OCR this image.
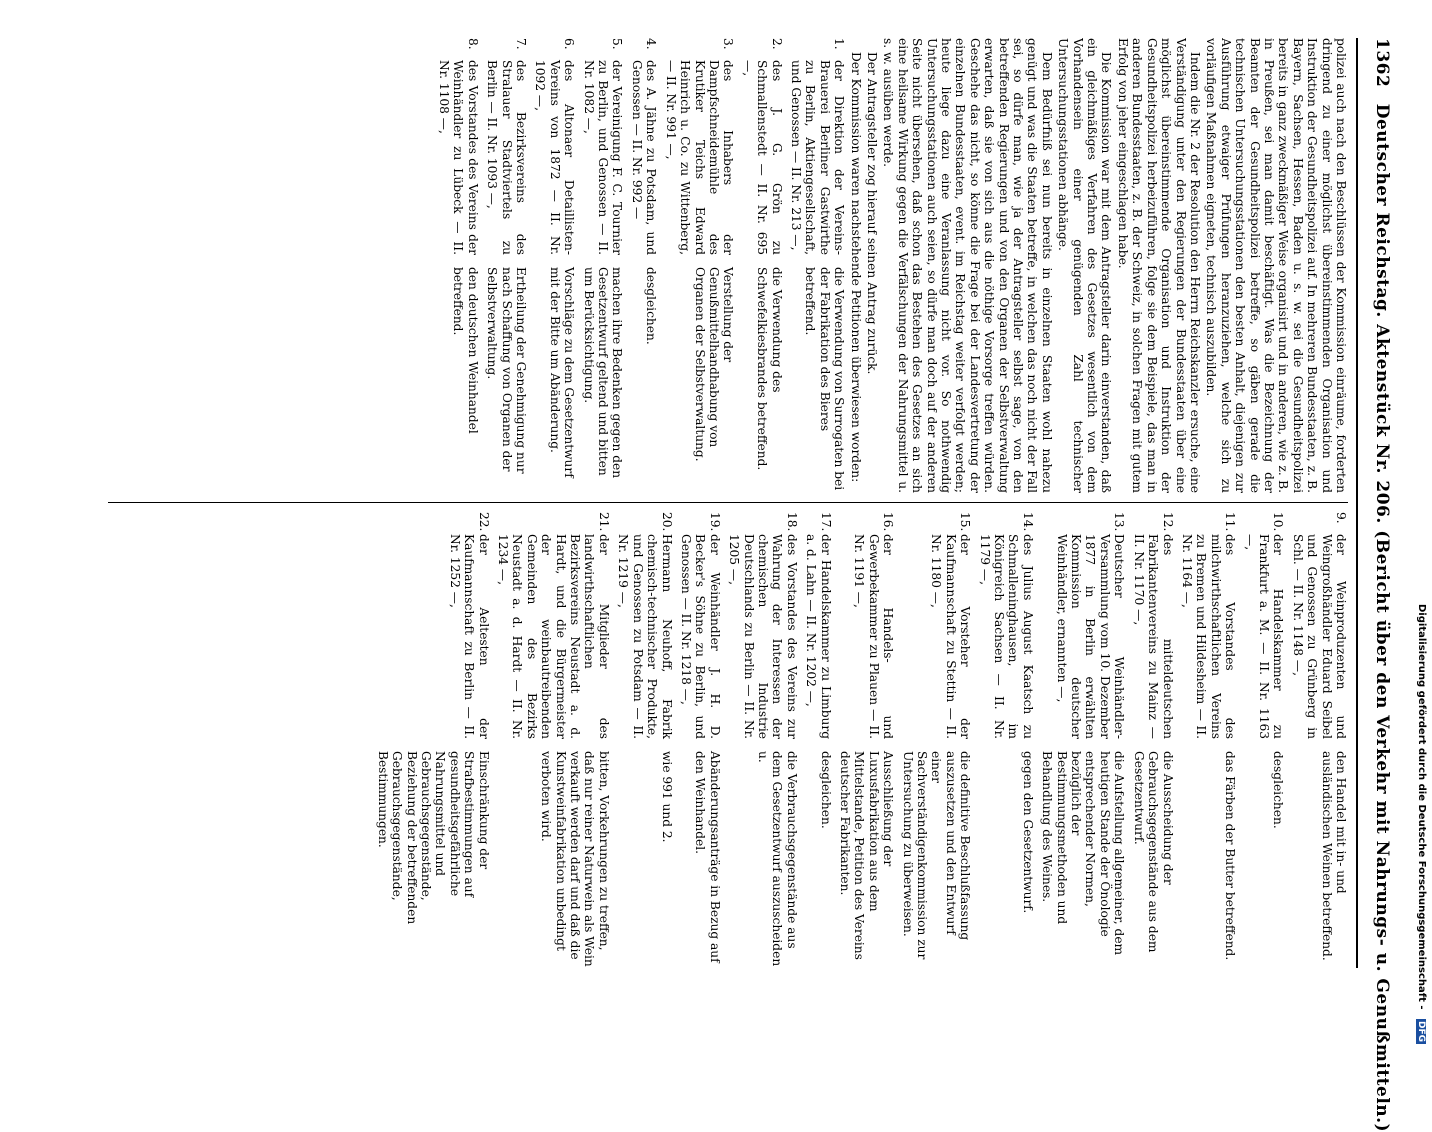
1362 Deutscher Reichstag. Aktenstück Nr. 206. (Bericht über den Verkehr mit Nahrungs- u. Genußmitteln.)

polizei auch nach den Beschlüssen der Kommission einräume, forderten dringend zu einer möglichst übereinstimmenden Organisation und Instruktion der Gesundheitspolizei auf. In mehreren Bundesstaaten, z. B. Bayern, Sachsen, Hessen, Baden u. s. w. sei die Gesundheitspolizei bereits in ganz zweckmäßiger Weise organisirt und in anderen, wie z. B. in Preußen, sei man damit beschäftigt. Was die Bezeichnung der Beamten der Gesundheitspolizei betreffe, so gäben gerade die technischen Untersuchungsstationen den besten Anhalt, diejenigen zur Ausführung etwaiger Prüfungen heranzuziehen, welche sich zu vorläufigen Maßnahmen eigneten, technisch auszubilden.

Indem die Nr. 2 der Resolution den Herrn Reichskanzler ersuche, eine Verständigung unter den Regierungen der Bundesstaaten über eine möglichst übereinstimmende Organisation und Instruktion der Gesundheitspolizei herbeizuführen, folge sie dem Beispiele, das man in anderen Bundesstaaten, z. B. der Schweiz, in solchen Fragen mit gutem Erfolg von jeher eingeschlagen habe.

Die Kommission war mit dem Antragsteller darin einverstanden, daß ein gleichmäßiges Verfahren des Gesetzes wesentlich von dem Vorhandensein einer genügenden Zahl technischer Untersuchungsstationen abhänge.

Dem Bedürfniß sei nun bereits in einzelnen Staaten wohl nahezu genügt und was die Staaten betreffe, in welchen das noch nicht der Fall sei, so dürfe man, wie ja der Antragsteller selbst sage, von den betreffenden Regierungen und von den Organen der Selbstverwaltung erwarten, daß sie von sich aus die nöthige Vorsorge treffen würden. Geschehe das nicht, so könne die Frage bei der Landesvertretung der einzelnen Bundesstaaten, event. im Reichstag weiter verfolgt werden; heute liege dazu eine Veranlassung nicht vor. So nothwendig Untersuchungsstationen auch seien, so dürfe man doch auf der anderen Seite nicht übersehen, daß schon das Bestehen des Gesetzes an sich eine heilsame Wirkung gegen die Verfälschungen der Nahrungsmittel u. s. w. ausüben werde.

Der Antragsteller zog hierauf seinen Antrag zurück.

Der Kommission waren nachstehende Petitionen überwiesen worden:

1.
der Direktion der Vereins-Brauerei Berliner Gastwirthe zu Berlin, Aktiengesellschaft, und Genossen — II. Nr. 213 —,
die Verwendung von Surrogaten bei der Fabrikation des Bieres betreffend.
2.
des J. G. Grön zu Schmallenstedt — II. Nr. 695 —,
die Verwendung des Schwefelkiesbrandes betreffend.
3.
des Inhabers der Dampfschneidemühle des Krutiker Teichs Edward Heinrich u. Co. zu Wittenberg, — II. Nr. 991 —,
Verstellung der Genußmittelhandhabung von Organen der Selbstverwaltung.
4.
des A. Jähne zu Potsdam, und Genossen — II. Nr. 992 —
desgleichen.
5.
der Vereinigung F. C. Tournier zu Berlin, und Genossen — II. Nr. 1082 —,
machen ihre Bedenken gegen den Gesetzentwurf geltend und bitten um Berücksichtigung.
6.
des Altonaer Detaillisten-Vereins von 1872 — II. Nr. 1092 —,
Vorschläge zu dem Gesetzentwurf mit der Bitte um Abänderung.
7.
des Bezirksvereins des Stralauer Stadtviertels zu Berlin — II. Nr. 1093 —,
Ertheilung der Genehmigung nur nach Schaffung von Organen der Selbstverwaltung.
8.
des Vorstandes des Vereins der Weinhändler zu Lübeck — II. Nr. 1108 —,
den deutschen Weinhandel betreffend.
9.
der Weinproduzenten und Weingroßhändler Eduard Seibel und Genossen zu Grünberg in Schl. — II. Nr. 1148 —,
den Handel mit in- und ausländischen Weinen betreffend.
10.
der Handelskammer zu Frankfurt a. M. — II. Nr. 1163 —,
desgleichen.
11.
des Vorstandes des milchwirthschaftlichen Vereins zu Bremen und Hildesheim — II. Nr. 1164 —,
das Färben der Butter betreffend.
12.
des mitteldeutschen Fabrikantenvereins zu Mainz — II. Nr. 1170 —,
die Ausscheidung der Gebrauchsgegenstände aus dem Gesetzentwurf.
13.
Deutscher Weinhändler-Versammlung vom 10. Dezember 1877 in Berlin erwählten Kommission deutscher Weinhändler, ernannten —,
die Aufstellung allgemeiner, dem heutigen Stande der Önologie entsprechender Normen, bezüglich der Bestimmungsmethoden und Behandlung des Weines.
14.
des Julius August Kaatsch zu Schmalleninghausen, im Königreich Sachsen — II. Nr. 1179 —,
gegen den Gesetzentwurf.
15.
der Vorsteher der Kaufmannschaft zu Stettin — II. Nr. 1180 —,
die definitive Beschlußfassung auszusetzen und den Entwurf einer Sachverständigenkommission zur Untersuchung zu überweisen.
16.
der Handels- und Gewerbekammer zu Plauen — II. Nr. 1191 —,
Ausschließung der Luxusfabrikation aus dem Mittelstande, Petition des Vereins deutscher Fabrikanten.
17.
der Handelskammer zu Limburg a. d. Lahn — II. Nr. 1202 —,
desgleichen.
18.
des Vorstandes des Vereins zur Wahrung der Interessen der chemischen Industrie Deutschlands zu Berlin — II. Nr. 1205 —,
die Verbrauchsgegenstände aus dem Gesetzentwurf auszuscheiden u.
19.
der Weinhändler J. H. D. Becker's Söhne zu Berlin, und Genossen — II. Nr. 1218 —,
Abänderungsanträge in Bezug auf den Weinhandel.
20.
Hermann Neuhoff, Fabrik chemisch-technischer Produkte, und Genossen zu Potsdam — II. Nr. 1219 —,
wie 991 und 2.
21.
der Mitglieder des landwirthschaftlichen Bezirksvereins Neustadt a. d. Hardt, und die Bürgermeister der weinbautreibenden Gemeinden des Bezirks Neustadt a. d. Hardt — II. Nr. 1234 —,
bitten, Vorkehrungen zu treffen, daß nur reiner Naturwein als Wein verkauft werden darf und daß die Kunstweinfabrikation unbedingt verboten wird.
22.
der Aeltesten der Kaufmannschaft zu Berlin — II. Nr. 1252 —,
Einschränkung der Strafbestimmungen auf gesundheitsgefährliche Nahrungsmittel und Gebrauchsgegenstände, Beziehung der betreffenden Gebrauchsgegenstände, Bestimmungen.	Digitalisierung gefördert durch die Deutsche Forschungsgemeinschaft - DFG
